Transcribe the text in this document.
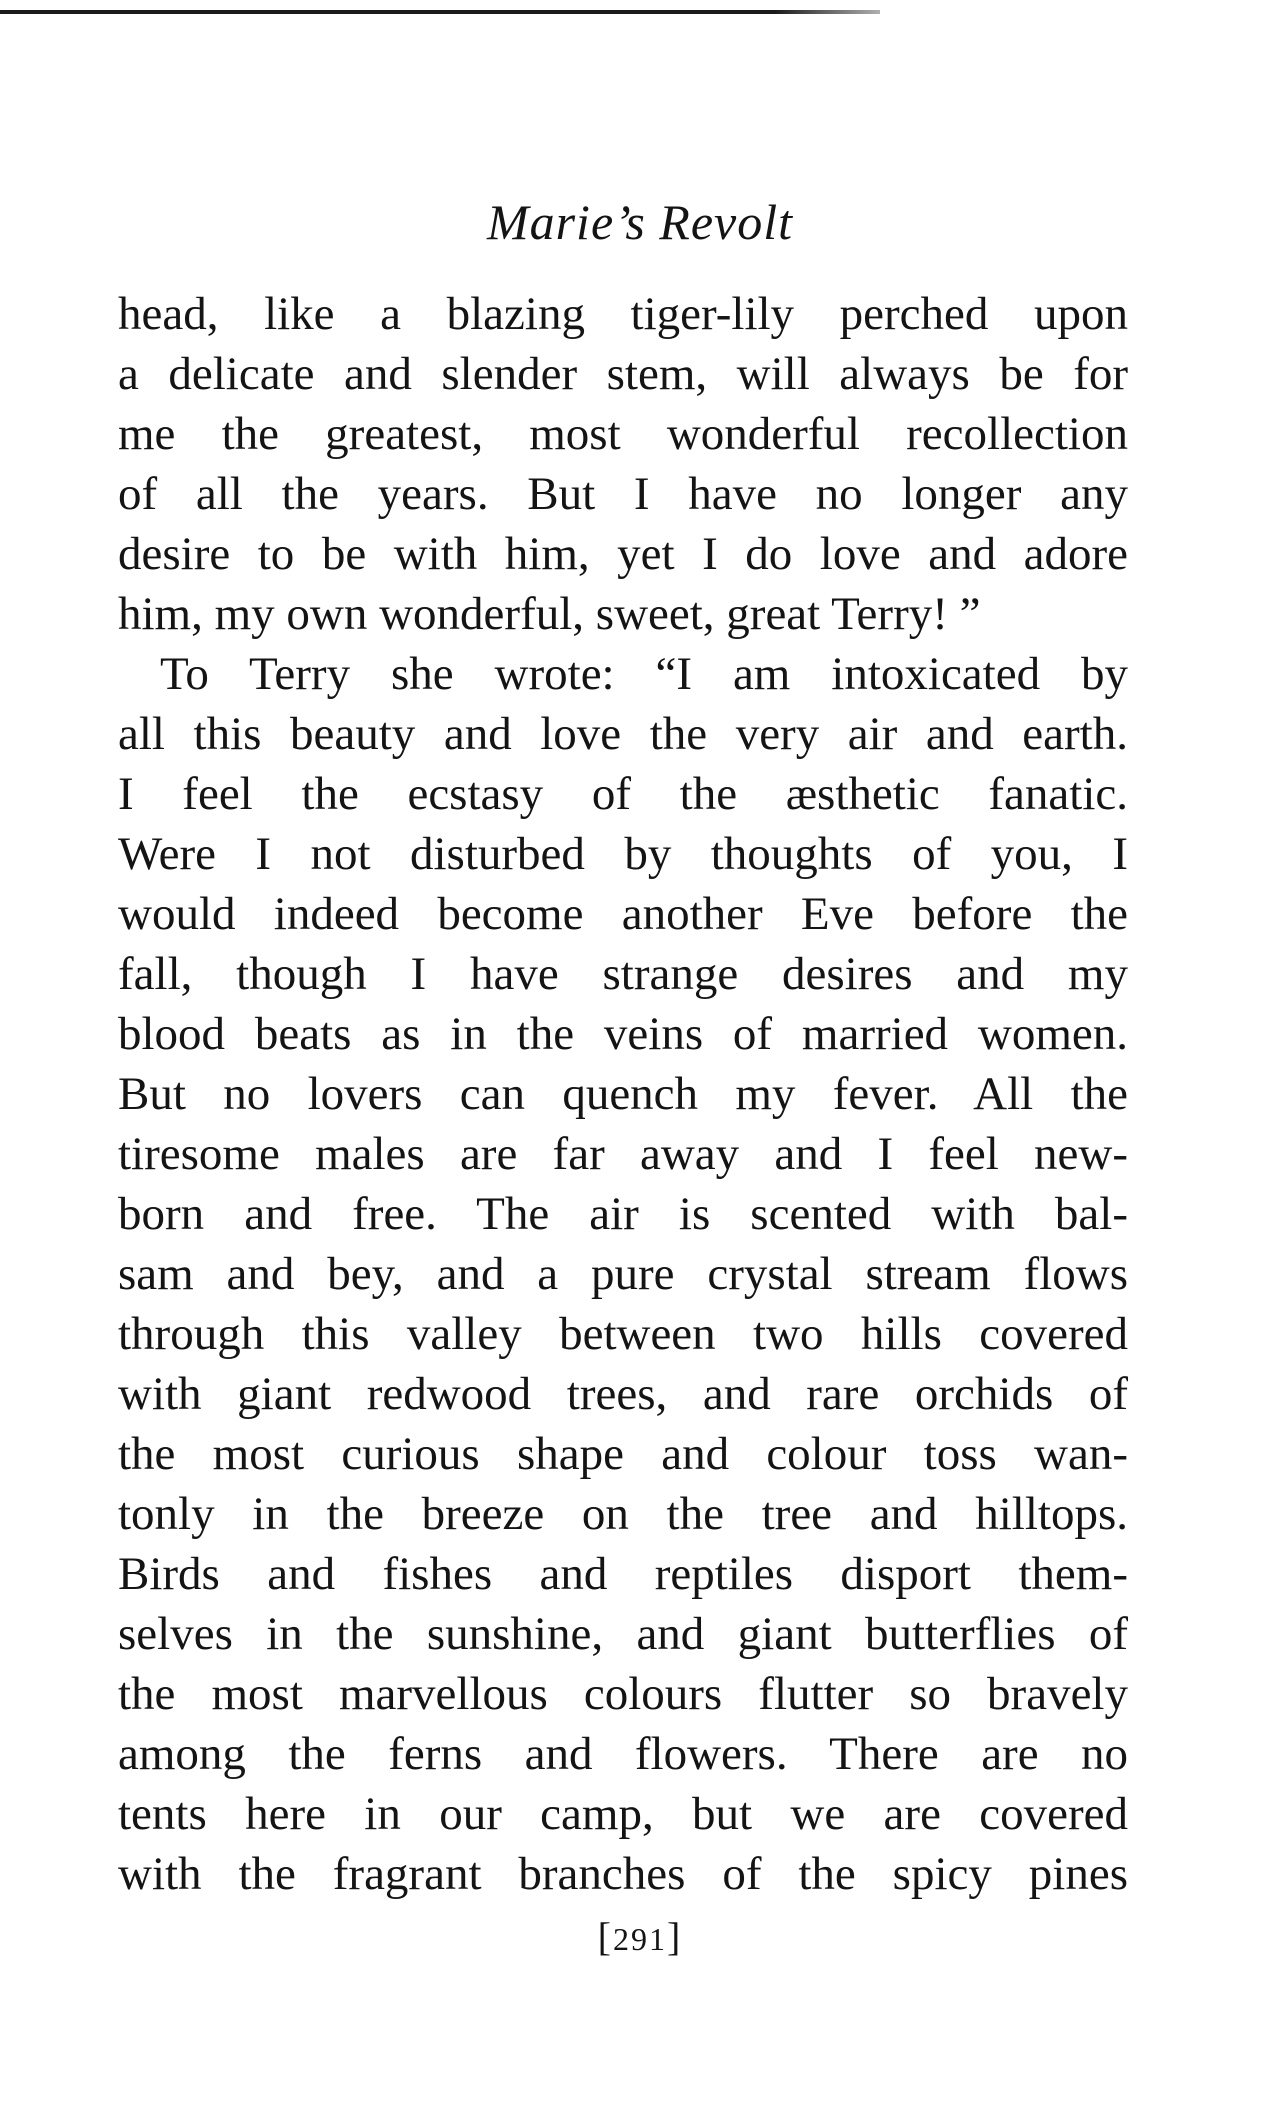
Marie’s Revolt
head, like a blazing tiger-lily perched upon
a delicate and slender stem, will always be for
me the greatest, most wonderful recollection
of all the years. But I have no longer any
desire to be with him, yet I do love and adore
him, my own wonderful, sweet, great Terry! ”
To Terry she wrote: “I am intoxicated by
all this beauty and love the very air and earth.
I feel the ecstasy of the æsthetic fanatic.
Were I not disturbed by thoughts of you, I
would indeed become another Eve before the
fall, though I have strange desires and my
blood beats as in the veins of married women.
But no lovers can quench my fever. All the
tiresome males are far away and I feel new-
born and free. The air is scented with bal-
sam and bey, and a pure crystal stream flows
through this valley between two hills covered
with giant redwood trees, and rare orchids of
the most curious shape and colour toss wan-
tonly in the breeze on the tree and hilltops.
Birds and fishes and reptiles disport them-
selves in the sunshine, and giant butterflies of
the most marvellous colours flutter so bravely
among the ferns and flowers. There are no
tents here in our camp, but we are covered
with the fragrant branches of the spicy pines
[291]
